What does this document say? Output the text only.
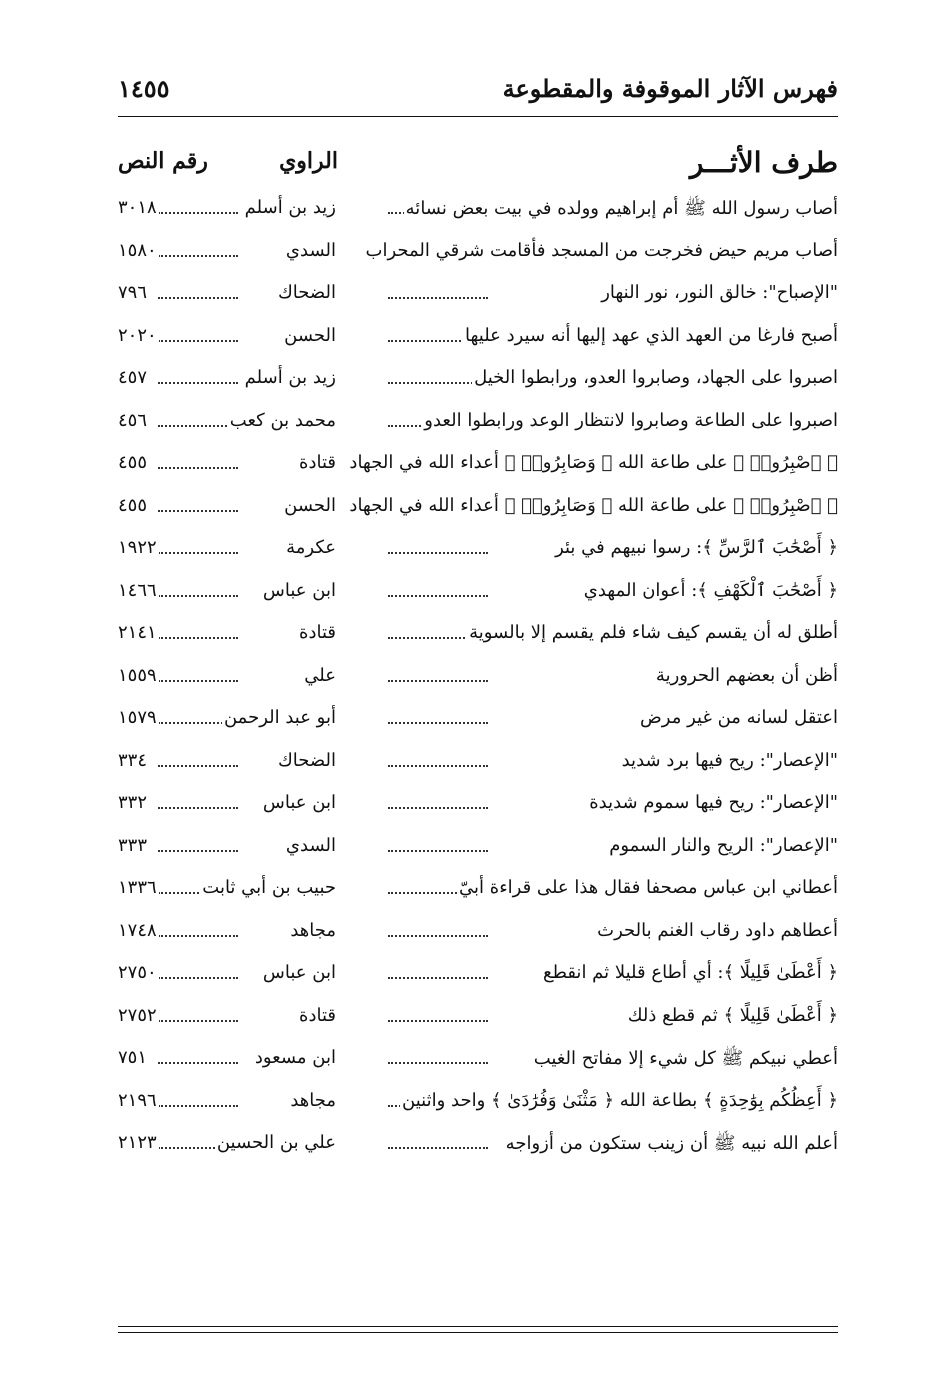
فهرس الآثار الموقوفة والمقطوعة
١٤٥٥
طرف الأثـــر
الراوي
رقم النص
أصاب رسول الله ﷺ أم إبراهيم وولده في بيت بعض نسائه
زيد بن أسلم
٣٠١٨
أصاب مريم حيض فخرجت من المسجد فأقامت شرقي المحراب
السدي
١٥٨٠
"الإصباح": خالق النور، نور النهار
الضحاك
٧٩٦
أصبح فارغا من العهد الذي عهد إليها أنه سيرد عليها
الحسن
٢٠٢٠
اصبروا على الجهاد، وصابروا العدو، ورابطوا الخيل
زيد بن أسلم
٤٥٧
اصبروا على الطاعة وصابروا لانتظار الوعد ورابطوا العدو
محمد بن كعب
٤٥٦
﴿ ٱصْبِرُوا۟ ﴾ على طاعة الله ﴿ وَصَابِرُوا۟ ﴾ أعداء الله في الجهاد
قتادة
٤٥٥
﴿ ٱصْبِرُوا۟ ﴾ على طاعة الله ﴿ وَصَابِرُوا۟ ﴾ أعداء الله في الجهاد
الحسن
٤٥٥
﴿ أَصْحَٰبَ ٱلرَّسِّ ﴾: رسوا نبيهم في بئر
عكرمة
١٩٢٢
﴿ أَصْحَٰبَ ٱلْكَهْفِ ﴾: أعوان المهدي
ابن عباس
١٤٦٦
أطلق له أن يقسم كيف شاء فلم يقسم إلا بالسوية
قتادة
٢١٤١
أظن أن بعضهم الحرورية
علي
١٥٥٩
اعتقل لسانه من غير مرض
أبو عبد الرحمن
١٥٧٩
"الإعصار": ريح فيها برد شديد
الضحاك
٣٣٤
"الإعصار": ريح فيها سموم شديدة
ابن عباس
٣٣٢
"الإعصار": الريح والنار السموم
السدي
٣٣٣
أعطاني ابن عباس مصحفا فقال هذا على قراءة أبيّ
حبيب بن أبي ثابت
١٣٣٦
أعطاهم داود رقاب الغنم بالحرث
مجاهد
١٧٤٨
﴿ أَعْطَىٰ قَلِيلًا ﴾: أي أطاع قليلا ثم انقطع
ابن عباس
٢٧٥٠
﴿ أَعْطَىٰ قَلِيلًا ﴾ ثم قطع ذلك
قتادة
٢٧٥٢
أعطي نبيكم ﷺ كل شيء إلا مفاتح الغيب
ابن مسعود
٧٥١
﴿ أَعِظُكُم بِوَٰحِدَةٍ ﴾ بطاعة الله ﴿ مَثْنَىٰ وَفُرَٰدَىٰ ﴾ واحد واثنين
مجاهد
٢١٩٦
أعلم الله نبيه ﷺ أن زينب ستكون من أزواجه
علي بن الحسين
٢١٢٣
